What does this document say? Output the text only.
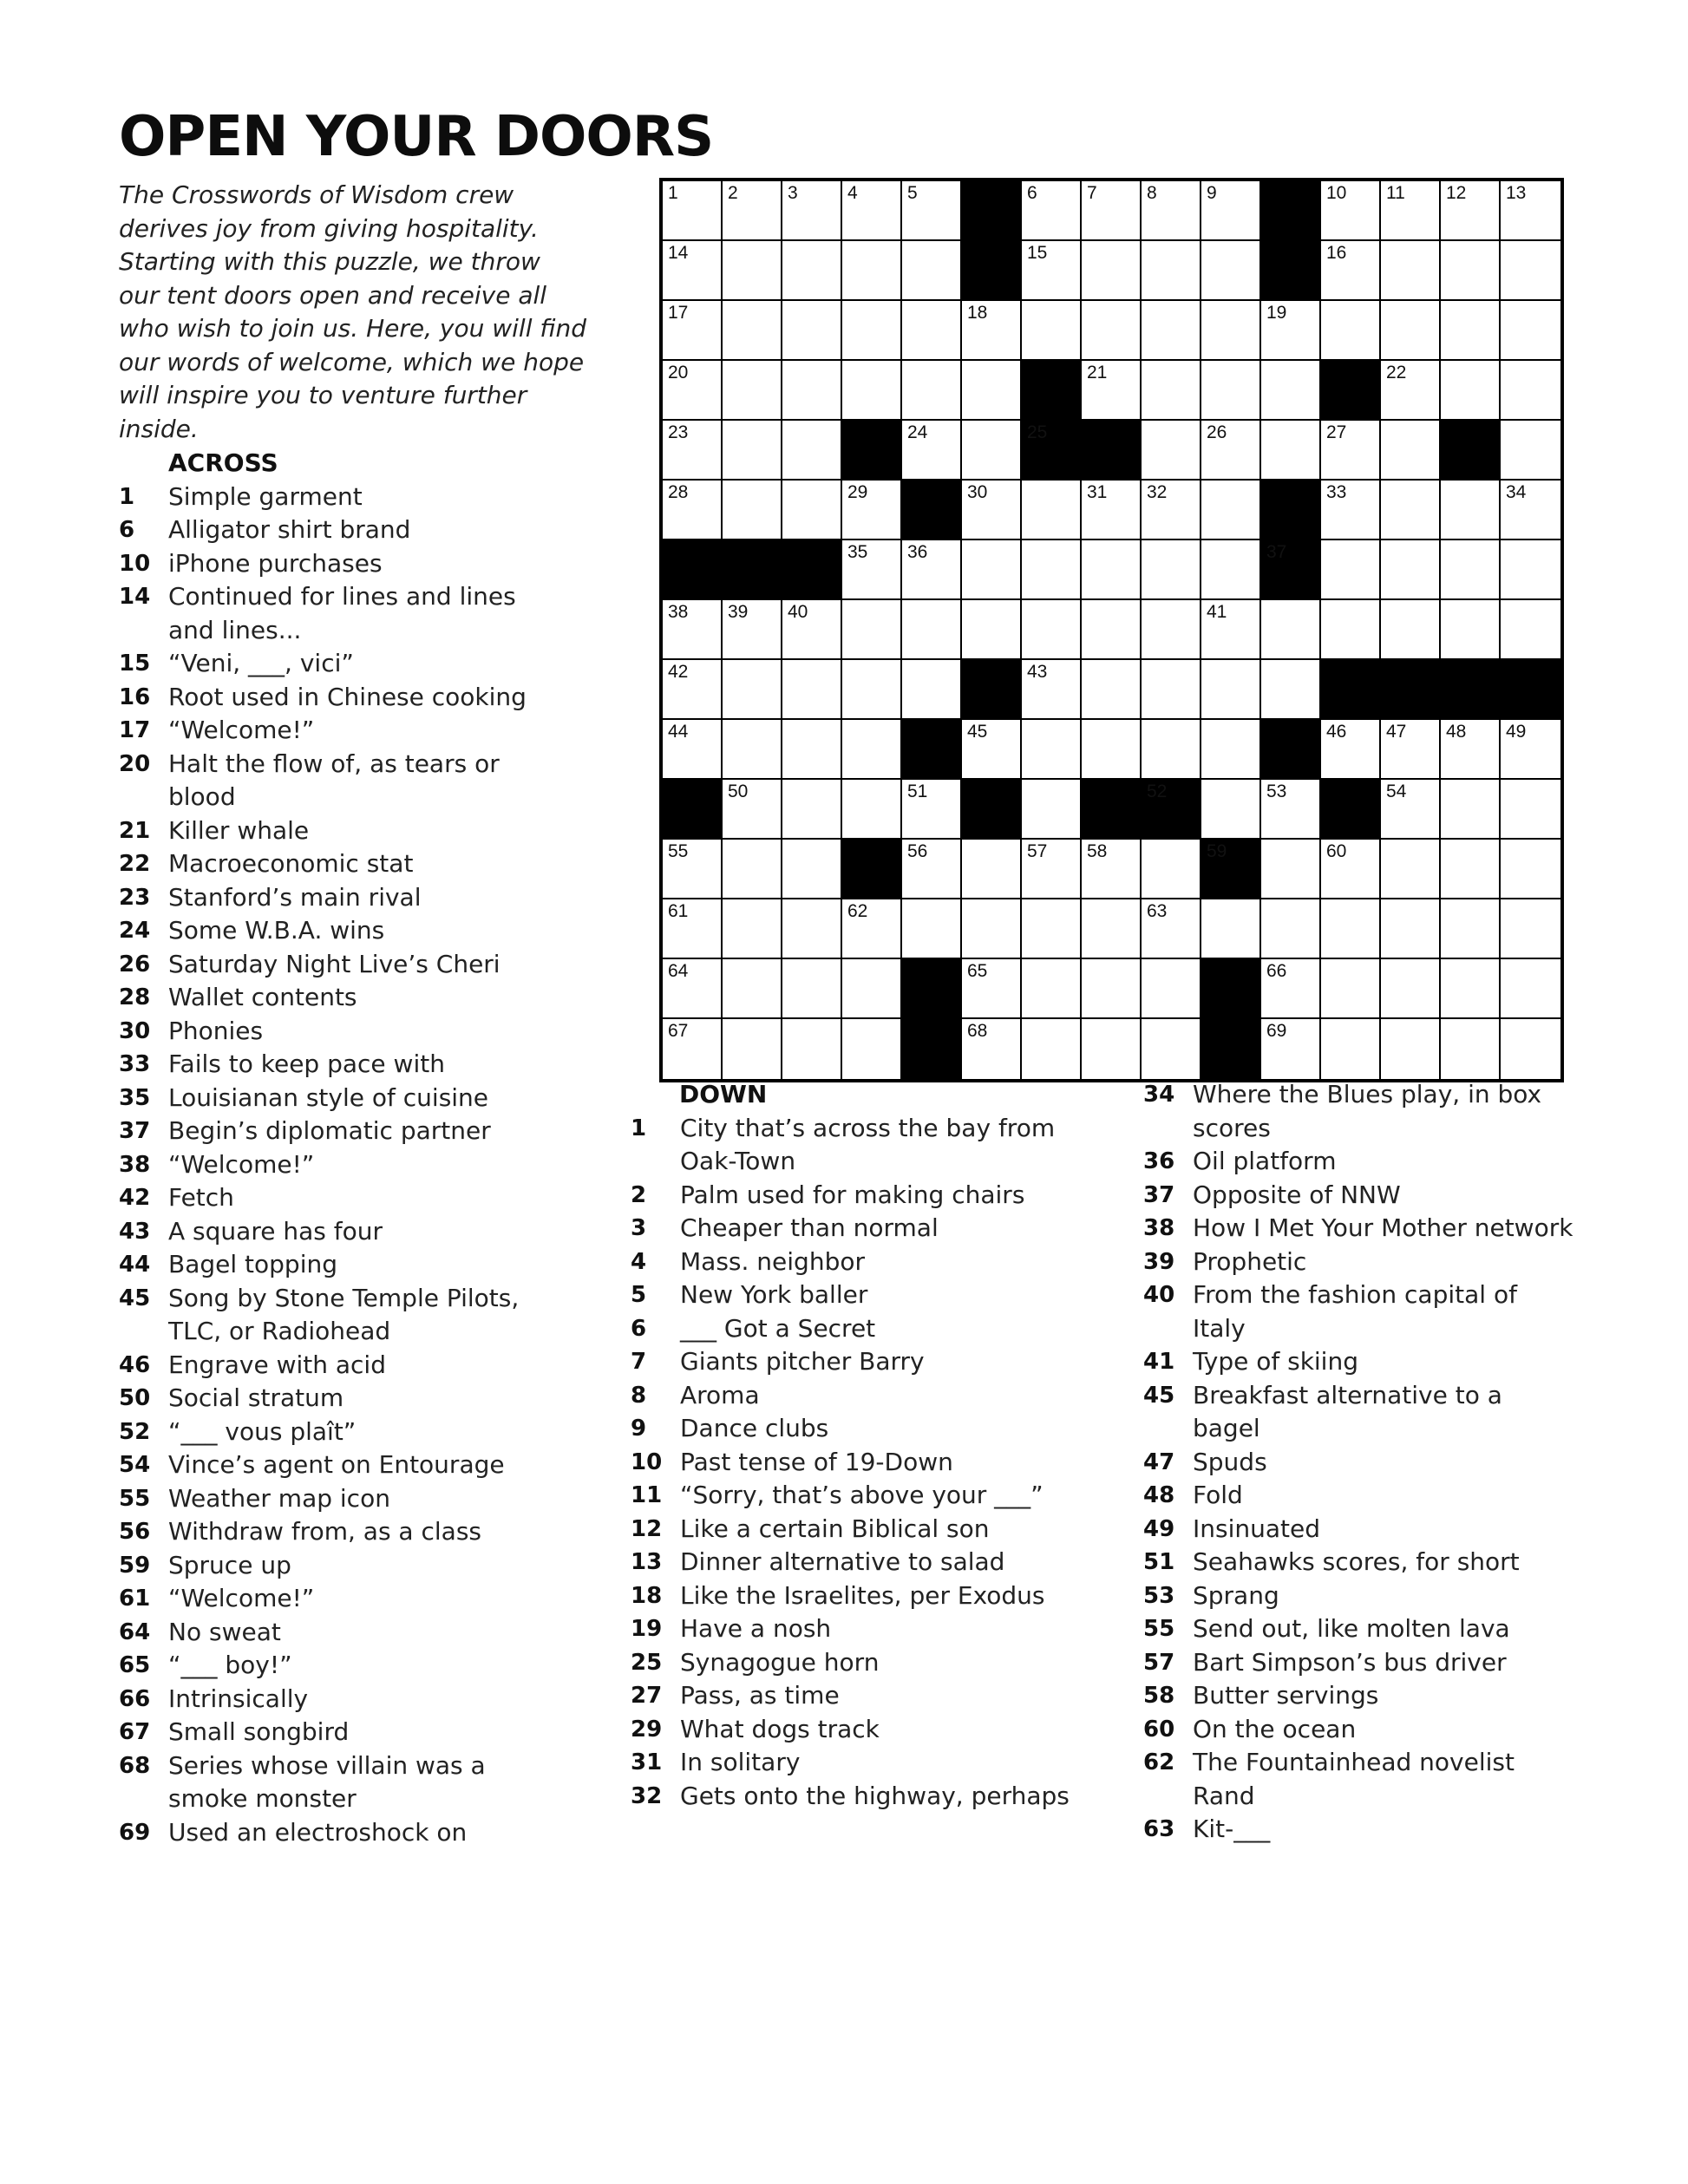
OPEN YOUR DOORS

The Crosswords of Wisdom crew derives joy from giving hospitality. Starting with this puzzle, we throw our tent doors open and receive all who wish to join us. Here, you will find our words of welcome, which we hope will inspire you to venture further inside.

1	2	3	4	5	6	7	8	9	10 11 12 13
14	15	16
17	18	19
20	21	22
23	24	25	26	27
28	29	30	31 32	33	34
35 36	37
38 39 40	41
42	43
44	45	46 47 48 49
50	51	52	53	54
55	56	57 58	59	60
61	62	63
64	65	66
67	68	69
ACROSS
1 Simple garment
6 Alligator shirt brand
10 iPhone purchases
14 Continued for lines and lines and lines...
15 “Veni, ___, vici”
16 Root used in Chinese cooking
17 “Welcome!”
20 Halt the flow of, as tears or blood
21 Killer whale
22 Macroeconomic stat
23 Stanford’s main rival
24 Some W.B.A. wins
26 Saturday Night Live’s Cheri
28 Wallet contents
30 Phonies
33 Fails to keep pace with
35 Louisianan style of cuisine
37 Begin’s diplomatic partner
38 “Welcome!”
42 Fetch
43 A square has four
44 Bagel topping
45 Song by Stone Temple Pilots, TLC, or Radiohead
46 Engrave with acid
50 Social stratum
52 “___ vous plaît”
54 Vince’s agent on Entourage
55 Weather map icon
56 Withdraw from, as a class
59 Spruce up
61 “Welcome!”
64 No sweat
65 “___ boy!”
66 Intrinsically
67 Small songbird
68 Series whose villain was a smoke monster
69 Used an electroshock on
DOWN
1 City that’s across the bay from Oak-Town
2 Palm used for making chairs
3 Cheaper than normal
4 Mass. neighbor
5 New York baller
6 ___ Got a Secret
7 Giants pitcher Barry
8 Aroma
9 Dance clubs
10 Past tense of 19-Down
11 “Sorry, that’s above your ___”
12 Like a certain Biblical son
13 Dinner alternative to salad
18 Like the Israelites, per Exodus
19 Have a nosh
25 Synagogue horn
27 Pass, as time
29 What dogs track
31 In solitary
32 Gets onto the highway, perhaps
34 Where the Blues play, in box scores
36 Oil platform
37 Opposite of NNW
38 How I Met Your Mother network
39 Prophetic
40 From the fashion capital of Italy
41 Type of skiing
45 Breakfast alternative to a bagel
47 Spuds
48 Fold
49 Insinuated
51 Seahawks scores, for short
53 Sprang
55 Send out, like molten lava
57 Bart Simpson’s bus driver
58 Butter servings
60 On the ocean
62 The Fountainhead novelist Rand
63 Kit-___
